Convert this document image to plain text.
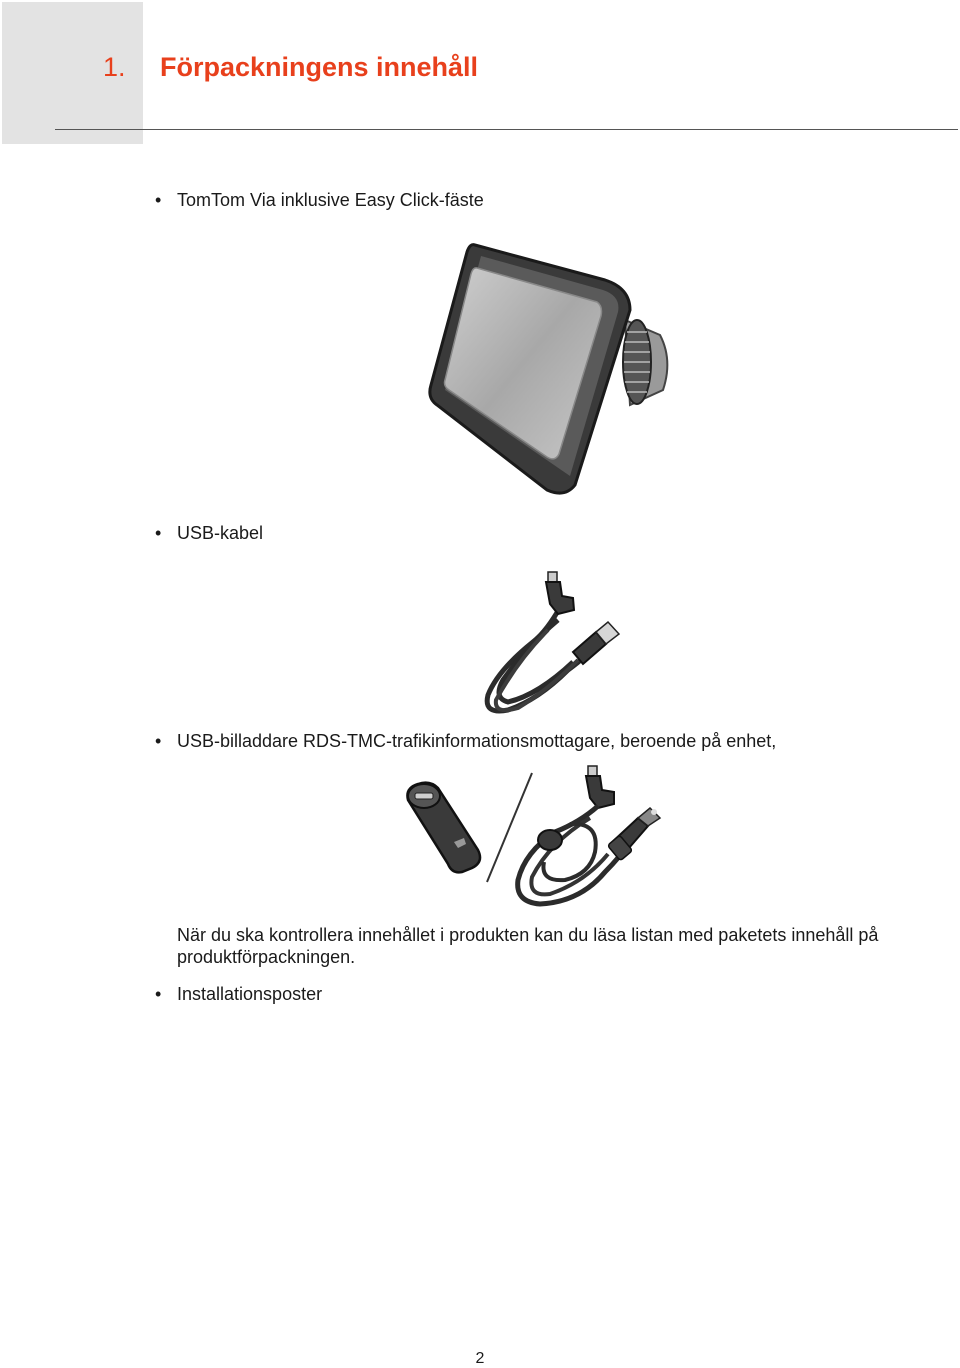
1. Förpackningens innehåll
• TomTom Via inklusive Easy Click-fäste
• USB-kabel
• USB-billaddare RDS-TMC-trafikinformationsmottagare, beroende på enhet,
När du ska kontrollera innehållet i produkten kan du läsa listan med paketets innehåll på produktförpackningen.
• Installationsposter
2
